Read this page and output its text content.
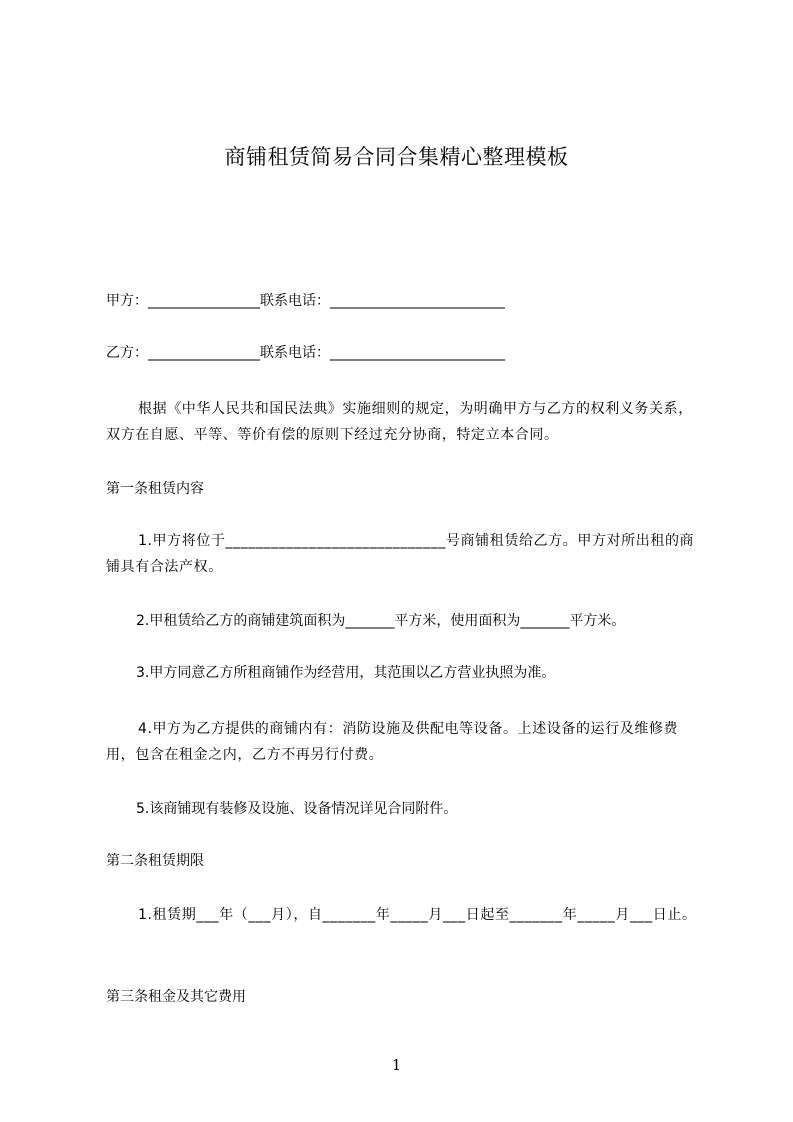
商铺租赁简易合同合集精心整理模板
甲方：________________联系电话：_________________________
乙方：________________联系电话：_________________________
根据《中华人民共和国民法典》实施细则的规定，为明确甲方与乙方的权利义务关系，双方在自愿、平等、等价有偿的原则下经过充分协商，特定立本合同。
第一条租赁内容
1.甲方将位于_____________________________号商铺租赁给乙方。甲方对所出租的商铺具有合法产权。
2.甲租赁给乙方的商铺建筑面积为_______平方米，使用面积为_______平方米。
3.甲方同意乙方所租商铺作为经营用，其范围以乙方营业执照为准。
4.甲方为乙方提供的商铺内有：消防设施及供配电等设备。上述设备的运行及维修费用，包含在租金之内，乙方不再另行付费。
5.该商铺现有装修及设施、设备情况详见合同附件。
第二条租赁期限
1.租赁期___年（___月），自_______年_____月___日起至_______年_____月___日止。
第三条租金及其它费用
1
